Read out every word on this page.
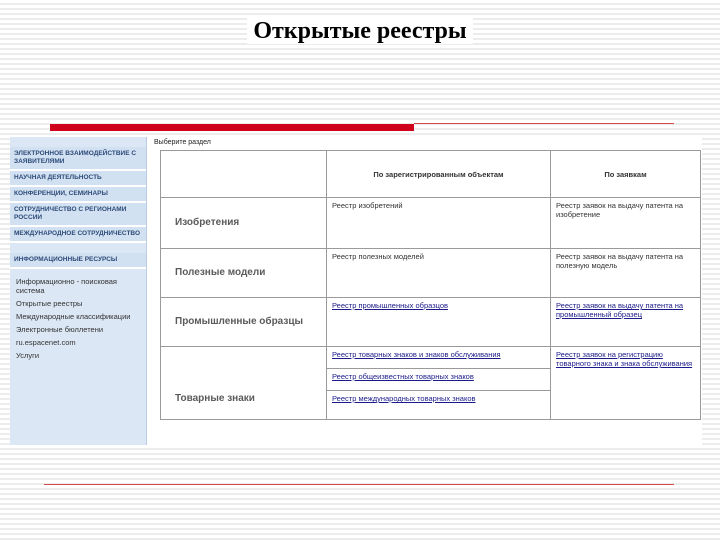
Открытые реестры
ЭЛЕКТРОННОЕ ВЗАИМОДЕЙСТВИЕ С ЗАЯВИТЕЛЯМИ
НАУЧНАЯ ДЕЯТЕЛЬНОСТЬ
КОНФЕРЕНЦИИ, СЕМИНАРЫ
СОТРУДНИЧЕСТВО С РЕГИОНАМИ РОССИИ
МЕЖДУНАРОДНОЕ СОТРУДНИЧЕСТВО
ИНФОРМАЦИОННЫЕ РЕСУРСЫ
Информационно - поисковая система
Открытые реестры
Международные классификации
Электронные бюллетени
ru.espacenet.com
Услуги
Выберите раздел
	По зарегистрированным объектам	По заявкам
Изобретения	Реестр изобретений	Реестр заявок на выдачу патента на изобретение
Полезные модели	Реестр полезных моделей	Реестр заявок на выдачу патента на полезную модель
Промышленные образцы	Реестр промышленных образцов	Реестр заявок на выдачу патента на промышленный образец
Товарные знаки	Реестр товарных знаков и знаков обслуживания
Реестр общеизвестных товарных знаков
Реестр международных товарных знаков	Реестр заявок на регистрацию товарного знака и знака обслуживания
